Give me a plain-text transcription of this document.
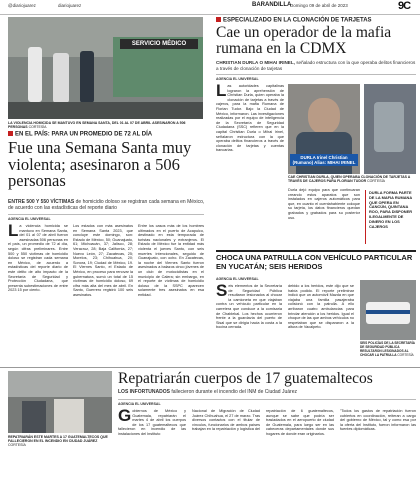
@diariojuarez	diariojuarez	BARANDILLA
Domingo 09 de abril de 2023	9C
SERVICIO MÉDICO
LA VIOLENCIA HOMICIDA SE MANTUVO EN SEMANA SANTA, DEL 01 AL 07 DE ABRIL ASESINARON A 506 PERSONAS CORTESÍA
EN EL PAÍS: PARA UN PROMEDIO DE 72 AL DÍA
Fue una Semana Santa muy violenta; asesinaron a 506 personas
ENTRE 500 Y 550 VÍCTIMAS de homicidio doloso se registran cada semana en México, de acuerdo con las estadísticas del reporte diario
AGENCIA EL UNIVERSAL
La violencia homicida se mantuvo en Semana Santa, del 01 al 07 de abril fueron asesinadas 506 personas en el país, un promedio de 72 al día, según cifras preliminares. Entre 500 y 550 víctimas de homicidio doloso se registran cada semana en México, de acuerdo a estadísticas del reporte diario de este delito de alto impacto de la Secretaría de Seguridad y Protección Ciudadana, que presenta subestimaciones de entre 2023 15 por ciento.
Los estados con más asesinatos en Semana Santa 2023, que concluye este domingo, son: Estado de México, 50; Guanajuato, 61; Michoacán, 37; Jalisco, 28; Veracruz, 28; Baja California, 27; Nuevo León, 27; Zacatecas, 25; Morelos, 23; Chihuahua, 20; Sonora, 19; Ciudad de México, 19. El Viernes Santo, el Estado de México, en proceso para renovar la gubernatura, sumó un total de 15 víctimas de homicidio doloso, 69 cifra más alta del mes de abril. En Santo, Guerrero registró 100 seis asesinatos.
Entre los casos más de los hombres ultimados en el puerto de Acapulco, destinado en esta temporada de turistas nacionales y extranjeros. El Estado de México fue la entidad más violenta el jueves Santo, con seis muertes intencionales, seguido de Guanajuato, con ocho. En Zacatecas, la noche del Viernes Santo fueron asesinados a balazos cinco jóvenes de un club de motociclistas en el municipio de Calera; sin embargo, en el reporte de víctimas de homicidio doloso de la SSPC aparecen solamente tres asesinatos en esa entidad.
ESPECIALIZADO EN LA CLONACIÓN DE TARJETAS
Cae un operador de la mafia rumana en la CDMX
CHRISTIAN DURLA O MIHAI IRINEL, señalado estructura con la que operaba delitos financieros a través de clonación de tarjetas
AGENCIA EL UNIVERSAL
Las autoridades capitalinas lograron la aprehensión de Christian Durla, quien operaba la clonación de tarjetas a través de cajeros, para la mafia Rumana de Florian Tudor. Bajo la Ciudad de México, informaron. Las investigaciones realizadas por el equipo de inteligencia de la Secretaría de Seguridad Ciudadana (SSC) refieren que en la capital Christian Durla o Mihai Irinel, señalaron estructura con la que operaba delitos financieros a través de clonación de tarjetas y cuentas bancarias.
DURLA Irinel Christian (Rumano) Alias: MIHAI IRINEL
CAE CHRISTIAN DURLA, QUIEN OPERABA CLONACIÓN DE TARJETAS A TRAVÉS DE CAJEROS PARA FLORIAN TUDOR CORTESÍA
Durla dejó equipo para que continuaran creando estos aparatos que son instalados en cajeros automáticos para que, en cuanto el cuentahabiente coloque su tarjeta, los datos financieros quedan grabados y grabados para su posterior uso.
DURLA FORMA PARTE DE LA MAFIA RUMANA QUE OPERA EN CANCÚN, QUINTANA ROO, PARA DISPONER ILEGALMENTE DE DINERO EN LOS CAJEROS
CHOCA UNA PATRULLA CON VEHÍCULO PARTICULAR EN YUCATÁN; SEIS HERIDOS
AGENCIA EL UNIVERSAL
Seis elementos de la Secretaría de Seguridad Pública resultaron lesionados al chocar la camioneta en que viajaban contra un vehículo particular en la carretera que conduce a la comisaria de Chablekal. Los hechos ocurrieron frente a la guardavía del puerto de Sisal que se dirigía hacia la costa a la bocina cerrada.
debido a los heridos, este dijo que se había podido. El reporte preliminar indicó que un automóvil Mazda en que viajaba una familia pasajeraba colisionó con la patrulla. A ello arribaron cuatro ambulancias para brindar atención a los heridos. Igual el choque de las que ambos vehículos no respetaban que se dispararon a la altura de Vacalpeto.
SEIS POLICÍAS DE LA SECRETARÍA DE SEGURIDAD PÚBLICA RESULTARON LESIONADOS AL CHOCAR LA PATRULLA CORTESÍA
Repatriarán cuerpos de 17 guatemaltecos
LOS INFORTUNADOS fallecieron durante el incendio del INM de Ciudad Juárez
REPATRIARÁN ESTE MARTES A 17 GUATEMALTECOS QUE FALLECIERON EN EL INCENDIO EN CIUDAD JUÁREZ CORTESÍA
AGENCIA EL UNIVERSAL
Gobiernos de México y Guatemala, repatriarán el martes 4 de abril los cuerpos de los 17 guatemaltecos que fallecieron en incendio de las instalaciones del Instituto
Nacional de Migración de Ciudad Juárez Chihuahua, el 27 de marzo. Tras diversos contactos con el titular de vínculos, funcionarios de ambos países trabajan en la repatriación y logística del
repatriación de 6 guatemaltecos, aunque se sabe que podría ser trasladados en el aeropuerto de ciudad de Guatemala, para luego ser en las cabeceras departamentales donde sus hogares de donde eran originarios.
"Todos los gastos de repatriación fueron cubiertos en coordinación, reiteran a cargo del gobierno de México, tal y como esa por la oferta del Instituto, fueron informaron las fuentes diplomáticas.
